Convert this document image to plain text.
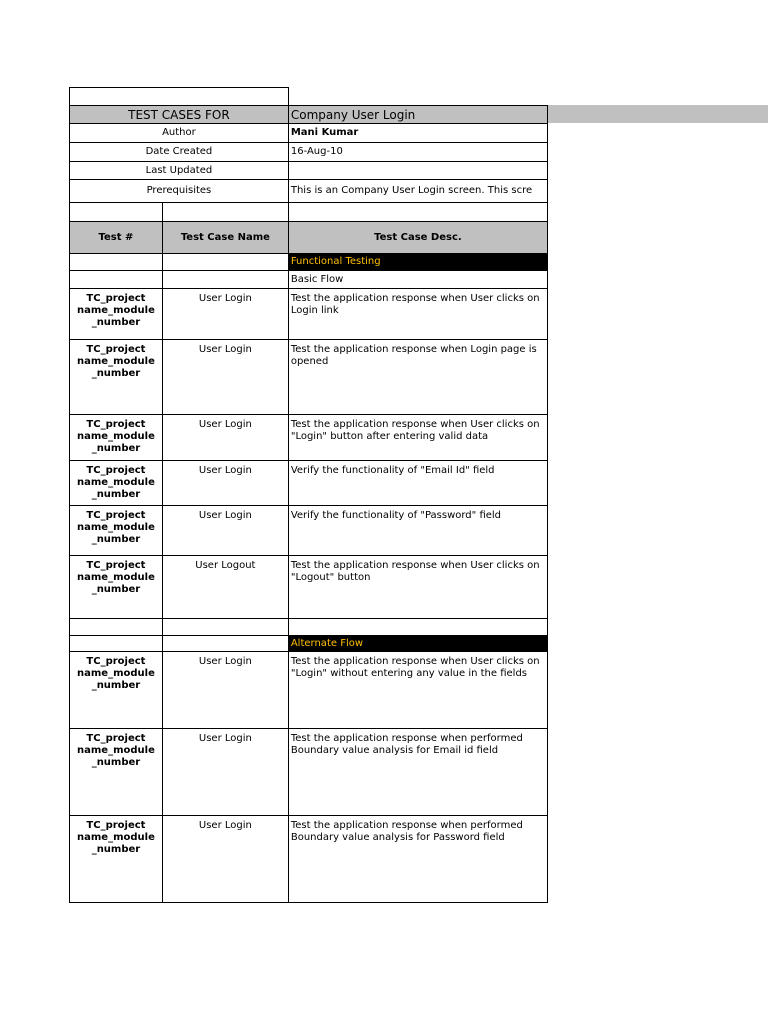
TEST CASES FOR		Company User Login
Author		Mani Kumar
Date Created		16-Aug-10
Last Updated		
Prerequisites		This is an Company User Login screen. This scre

Test #	Test Case Name	Test Case Desc.
		Functional Testing
		Basic Flow
TC_project name_module _number	User Login	Test the application response when User clicks on Login link
TC_project name_module _number	User Login	Test the application response when Login page is opened
TC_project name_module _number	User Login	Test the application response when User clicks on "Login" button after entering valid data
TC_project name_module _number	User Login	Verify the functionality of "Email Id" field
TC_project name_module _number	User Login	Verify the functionality of "Password" field
TC_project name_module _number	User Logout	Test the application response when User clicks on "Logout" button

		Alternate Flow
TC_project name_module _number	User Login	Test the application response when User clicks on "Login" without entering any value in the fields
TC_project name_module _number	User Login	Test the application response when performed Boundary value analysis for Email id field
TC_project name_module _number	User Login	Test the application response when performed Boundary value analysis for Password field
